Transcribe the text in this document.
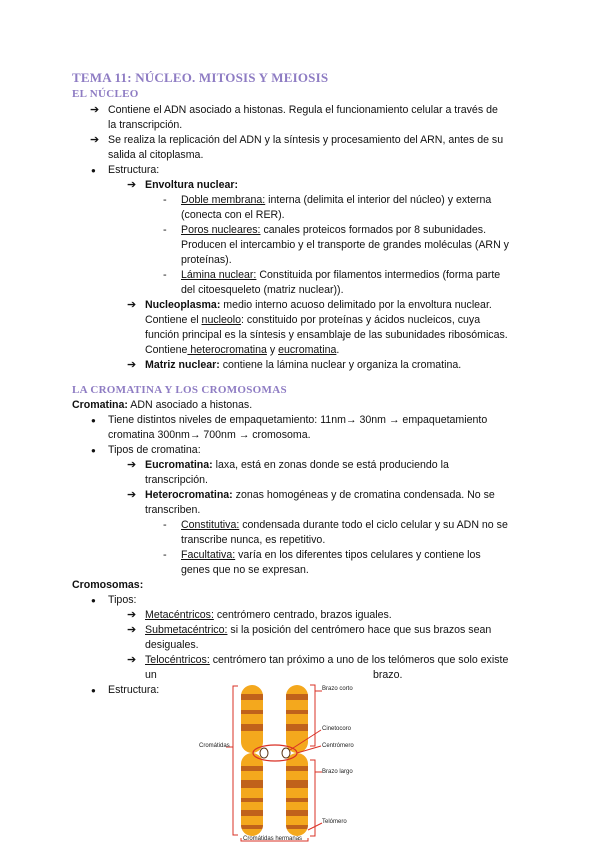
TEMA 11: NÚCLEO. MITOSIS Y MEIOSIS
EL NÚCLEO
➔ Contiene el ADN asociado a histonas. Regula el funcionamiento celular a través de
la transcripción.
➔ Se realiza la replicación del ADN y la síntesis y procesamiento del ARN, antes de su
salida al citoplasma.
● Estructura:
➔ Envoltura nuclear:
- Doble membrana: interna (delimita el interior del núcleo) y externa
(conecta con el RER).
- Poros nucleares: canales proteicos formados por 8 subunidades.
Producen el intercambio y el transporte de grandes moléculas (ARN y
proteínas).
- Lámina nuclear: Constituida por filamentos intermedios (forma parte
del citoesqueleto (matriz nuclear)).
➔ Nucleoplasma: medio interno acuoso delimitado por la envoltura nuclear.
Contiene el nucleolo: constituido por proteínas y ácidos nucleicos, cuya
función principal es la síntesis y ensamblaje de las subunidades ribosómicas.
Contiene heterocromatina y eucromatina.
➔ Matriz nuclear: contiene la lámina nuclear y organiza la cromatina.
LA CROMATINA Y LOS CROMOSOMAS
Cromatina: ADN asociado a histonas.
● Tiene distintos niveles de empaquetamiento: 11nm→ 30nm → empaquetamiento
cromatina 300nm→ 700nm → cromosoma.
● Tipos de cromatina:
➔ Eucromatina: laxa, está en zonas donde se está produciendo la
transcripción.
➔ Heterocromatina: zonas homogéneas y de cromatina condensada. No se
transcriben.
- Constitutiva: condensada durante todo el ciclo celular y su ADN no se
transcribe nunca, es repetitivo.
- Facultativa: varía en los diferentes tipos celulares y contiene los
genes que no se expresan.
Cromosomas:
● Tipos:
➔ Metacéntricos: centrómero centrado, brazos iguales.
➔ Submetacéntrico: si la posición del centrómero hace que sus brazos sean
desiguales.
➔ Telocéntricos: centrómero tan próximo a uno de los telómeros que solo existe
un	brazo.
● Estructura:	Brazo corto
Cinetocoro
Centrómero
Brazo largo
Telómero
Cromátidas
Cromátidas hermanas
